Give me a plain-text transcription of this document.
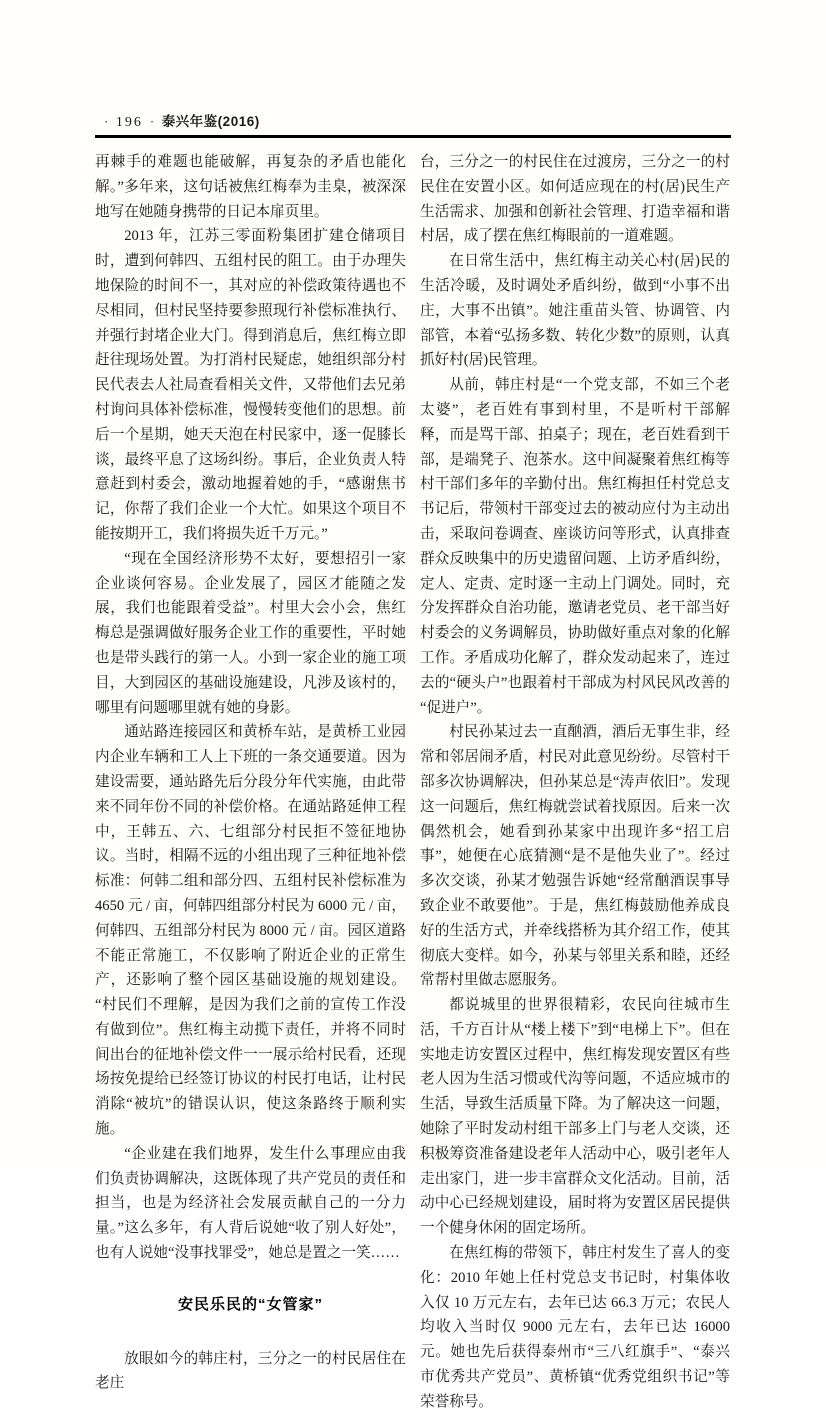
· 196 · 泰兴年鉴(2016)

再棘手的难题也能破解，再复杂的矛盾也能化解。”多年来，这句话被焦红梅奉为圭臬，被深深地写在她随身携带的日记本扉页里。

2013 年，江苏三零面粉集团扩建仓储项目时，遭到何韩四、五组村民的阻工。由于办理失地保险的时间不一，其对应的补偿政策待遇也不尽相同，但村民坚持要参照现行补偿标准执行、并强行封堵企业大门。得到消息后，焦红梅立即赶往现场处置。为打消村民疑虑，她组织部分村民代表去人社局查看相关文件，又带他们去兄弟村询问具体补偿标准，慢慢转变他们的思想。前后一个星期，她天天泡在村民家中，逐一促膝长谈，最终平息了这场纠纷。事后，企业负责人特意赶到村委会，激动地握着她的手，“感谢焦书记，你帮了我们企业一个大忙。如果这个项目不能按期开工，我们将损失近千万元。”

“现在全国经济形势不太好，要想招引一家企业谈何容易。企业发展了，园区才能随之发展，我们也能跟着受益”。村里大会小会，焦红梅总是强调做好服务企业工作的重要性，平时她也是带头践行的第一人。小到一家企业的施工项目，大到园区的基础设施建设，凡涉及该村的，哪里有问题哪里就有她的身影。

通站路连接园区和黄桥车站，是黄桥工业园内企业车辆和工人上下班的一条交通要道。因为建设需要，通站路先后分段分年代实施，由此带来不同年份不同的补偿价格。在通站路延伸工程中，王韩五、六、七组部分村民拒不签征地协议。当时，相隔不远的小组出现了三种征地补偿标准：何韩二组和部分四、五组村民补偿标准为 4650 元 / 亩，何韩四组部分村民为 6000 元 / 亩，何韩四、五组部分村民为 8000 元 / 亩。园区道路不能正常施工，不仅影响了附近企业的正常生产，还影响了整个园区基础设施的规划建设。“村民们不理解，是因为我们之前的宣传工作没有做到位”。焦红梅主动揽下责任，并将不同时间出台的征地补偿文件一一展示给村民看，还现场按免提给已经签订协议的村民打电话，让村民消除“被坑”的错误认识，使这条路终于顺利实施。

“企业建在我们地界，发生什么事理应由我们负责协调解决，这既体现了共产党员的责任和担当，也是为经济社会发展贡献自己的一分力量。”这么多年，有人背后说她“收了别人好处”，也有人说她“没事找罪受”，她总是置之一笑……

安民乐民的“女管家”

放眼如今的韩庄村，三分之一的村民居住在老庄

台，三分之一的村民住在过渡房，三分之一的村民住在安置小区。如何适应现在的村(居)民生产生活需求、加强和创新社会管理、打造幸福和谐村居，成了摆在焦红梅眼前的一道难题。

在日常生活中，焦红梅主动关心村(居)民的生活冷暖，及时调处矛盾纠纷，做到“小事不出庄，大事不出镇”。她注重苗头管、协调管、内部管，本着“弘扬多数、转化少数”的原则，认真抓好村(居)民管理。

从前，韩庄村是“一个党支部，不如三个老太婆”，老百姓有事到村里，不是听村干部解释，而是骂干部、拍桌子；现在，老百姓看到干部，是端凳子、泡茶水。这中间凝聚着焦红梅等村干部们多年的辛勤付出。焦红梅担任村党总支书记后，带领村干部变过去的被动应付为主动出击，采取问卷调查、座谈访问等形式，认真排查群众反映集中的历史遗留问题、上访矛盾纠纷，定人、定责、定时逐一主动上门调处。同时，充分发挥群众自治功能，邀请老党员、老干部当好村委会的义务调解员，协助做好重点对象的化解工作。矛盾成功化解了，群众发动起来了，连过去的“硬头户”也跟着村干部成为村风民风改善的“促进户”。

村民孙某过去一直酗酒，酒后无事生非，经常和邻居闹矛盾，村民对此意见纷纷。尽管村干部多次协调解决，但孙某总是“涛声依旧”。发现这一问题后，焦红梅就尝试着找原因。后来一次偶然机会，她看到孙某家中出现许多“招工启事”，她便在心底猜测“是不是他失业了”。经过多次交谈，孙某才勉强告诉她“经常酗酒误事导致企业不敢要他”。于是，焦红梅鼓励他养成良好的生活方式，并牵线搭桥为其介绍工作，使其彻底大变样。如今，孙某与邻里关系和睦，还经常帮村里做志愿服务。

都说城里的世界很精彩，农民向往城市生活，千方百计从“楼上楼下”到“电梯上下”。但在实地走访安置区过程中，焦红梅发现安置区有些老人因为生活习惯或代沟等问题，不适应城市的生活，导致生活质量下降。为了解决这一问题，她除了平时发动村组干部多上门与老人交谈，还积极筹资准备建设老年人活动中心，吸引老年人走出家门，进一步丰富群众文化活动。目前，活动中心已经规划建设，届时将为安置区居民提供一个健身休闲的固定场所。

在焦红梅的带领下，韩庄村发生了喜人的变化：2010 年她上任村党总支书记时，村集体收入仅 10 万元左右，去年已达 66.3 万元；农民人均收入当时仅 9000 元左右，去年已达 16000 元。她也先后获得泰州市“三八红旗手”、“泰兴市优秀共产党员”、黄桥镇“优秀党组织书记”等荣誉称号。
